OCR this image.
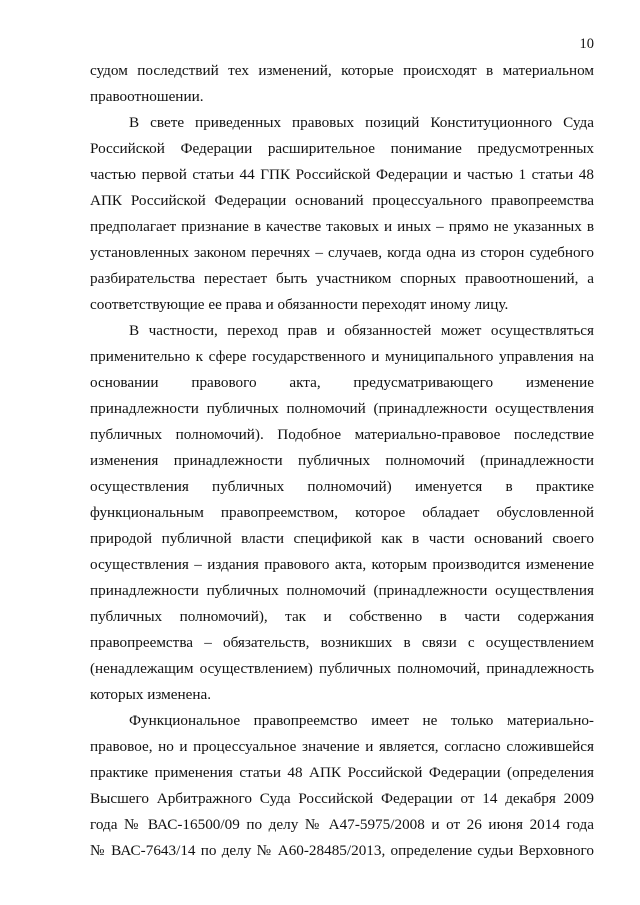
10
судом последствий тех изменений, которые происходят в материальном
правоотношении.
В свете приведенных правовых позиций Конституционного Суда
Российской Федерации расширительное понимание предусмотренных
частью первой статьи 44 ГПК Российской Федерации и частью 1 статьи 48
АПК Российской Федерации оснований процессуального правопреемства
предполагает признание в качестве таковых и иных – прямо не указанных в
установленных законом перечнях – случаев, когда одна из сторон судебного
разбирательства перестает быть участником спорных правоотношений, а
соответствующие ее права и обязанности переходят иному лицу.
В частности, переход прав и обязанностей может осуществляться
применительно к сфере государственного и муниципального управления на
основании правового акта, предусматривающего изменение
принадлежности публичных полномочий (принадлежности осуществления
публичных полномочий). Подобное материально-правовое последствие
изменения принадлежности публичных полномочий (принадлежности
осуществления публичных полномочий) именуется в практике
функциональным правопреемством, которое обладает обусловленной
природой публичной власти спецификой как в части оснований своего
осуществления – издания правового акта, которым производится изменение
принадлежности публичных полномочий (принадлежности осуществления
публичных полномочий), так и собственно в части содержания
правопреемства – обязательств, возникших в связи с осуществлением
(ненадлежащим осуществлением) публичных полномочий, принадлежность
которых изменена.
Функциональное правопреемство имеет не только материально-
правовое, но и процессуальное значение и является, согласно сложившейся
практике применения статьи 48 АПК Российской Федерации (определения
Высшего Арбитражного Суда Российской Федерации от 14 декабря 2009
года № ВАС-16500/09 по делу № А47-5975/2008 и от 26 июня 2014 года
№ ВАС-7643/14 по делу № А60-28485/2013, определение судьи Верховного
